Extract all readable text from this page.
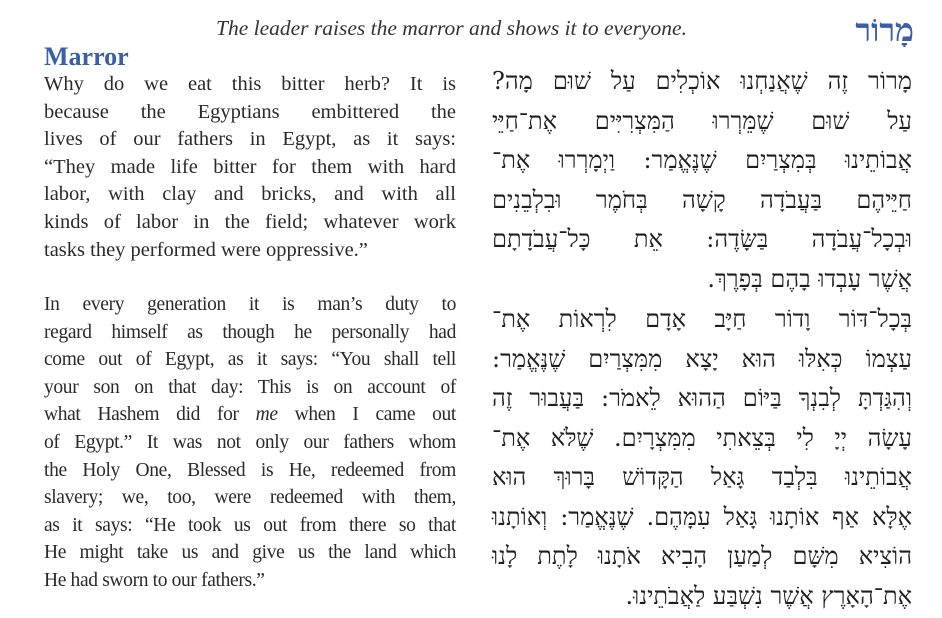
The leader raises the marror and shows it to everyone.	מָרוֹר
Marror
Why do we eat this bitter herb? It is
because the Egyptians embittered the
lives of our fathers in Egypt, as it says:
“They made life bitter for them with hard
labor, with clay and bricks, and with all
kinds of labor in the field; whatever work
tasks they performed were oppressive.”
In every generation it is man’s duty to
regard himself as though he personally had
come out of Egypt, as it says: “You shall tell
your son on that day: This is on account of
what Hashem did for me when I came out
of Egypt.” It was not only our fathers whom
the Holy One, Blessed is He, redeemed from
slavery; we, too, were redeemed with them,
as it says: “He took us out from there so that
He might take us and give us the land which
He had sworn to our fathers.”
מָרוֹר זֶה שֶׁאֲנַחְנוּ אוֹכְלִים עַל שׁוּם מָה?
עַל שׁוּם שֶׁמֵּרְרוּ הַמִּצְרִיִּים אֶת־חַיֵּי
אֲבוֹתֵינוּ בְּמִצְרַיִם שֶׁנֶּאֱמַר: וַיְמָרְרוּ אֶת־
חַיֵּיהֶם בַּעֲבֹדָה קָשָׁה בְּחֹמֶר וּבִלְבֵנִים
וּבְכָל־עֲבֹדָה בַּשָּׂדֶה: אֵת כָּל־עֲבֹדָתָם
אֲשֶׁר עָבְדוּ בָהֶם בְּפָרֶךְ.
בְּכָל־דּוֹר וָדוֹר חַיָּב אָדָם לִרְאוֹת אֶת־
עַצְמוֹ כְּאִלּוּ הוּא יָצָא מִמִּצְרַיִם שֶׁנֶּאֱמַר:
וְהִגַּדְתָּ לְבִנְךָ בַּיּוֹם הַהוּא לֵאמֹר: בַּעֲבוּר זֶה
עָשָׂה יְיָ לִי בְּצֵאתִי מִמִּצְרָיִם. שֶׁלֹּא אֶת־
אֲבוֹתֵינוּ בִּלְבַד גָּאַל הַקָּדוֹשׁ בָּרוּךְ הוּא
אֶלָּא אַף אוֹתָנוּ גָּאַל עִמָּהֶם. שֶׁנֶּאֱמַר: וְאוֹתָנוּ
הוֹצִיא מִשָּׁם לְמַעַן הָבִיא אֹתָנוּ לָתֶת לָנוּ
אֶת־הָאָרֶץ אֲשֶׁר נִשְׁבַּע לַאֲבֹתֵינוּ.
